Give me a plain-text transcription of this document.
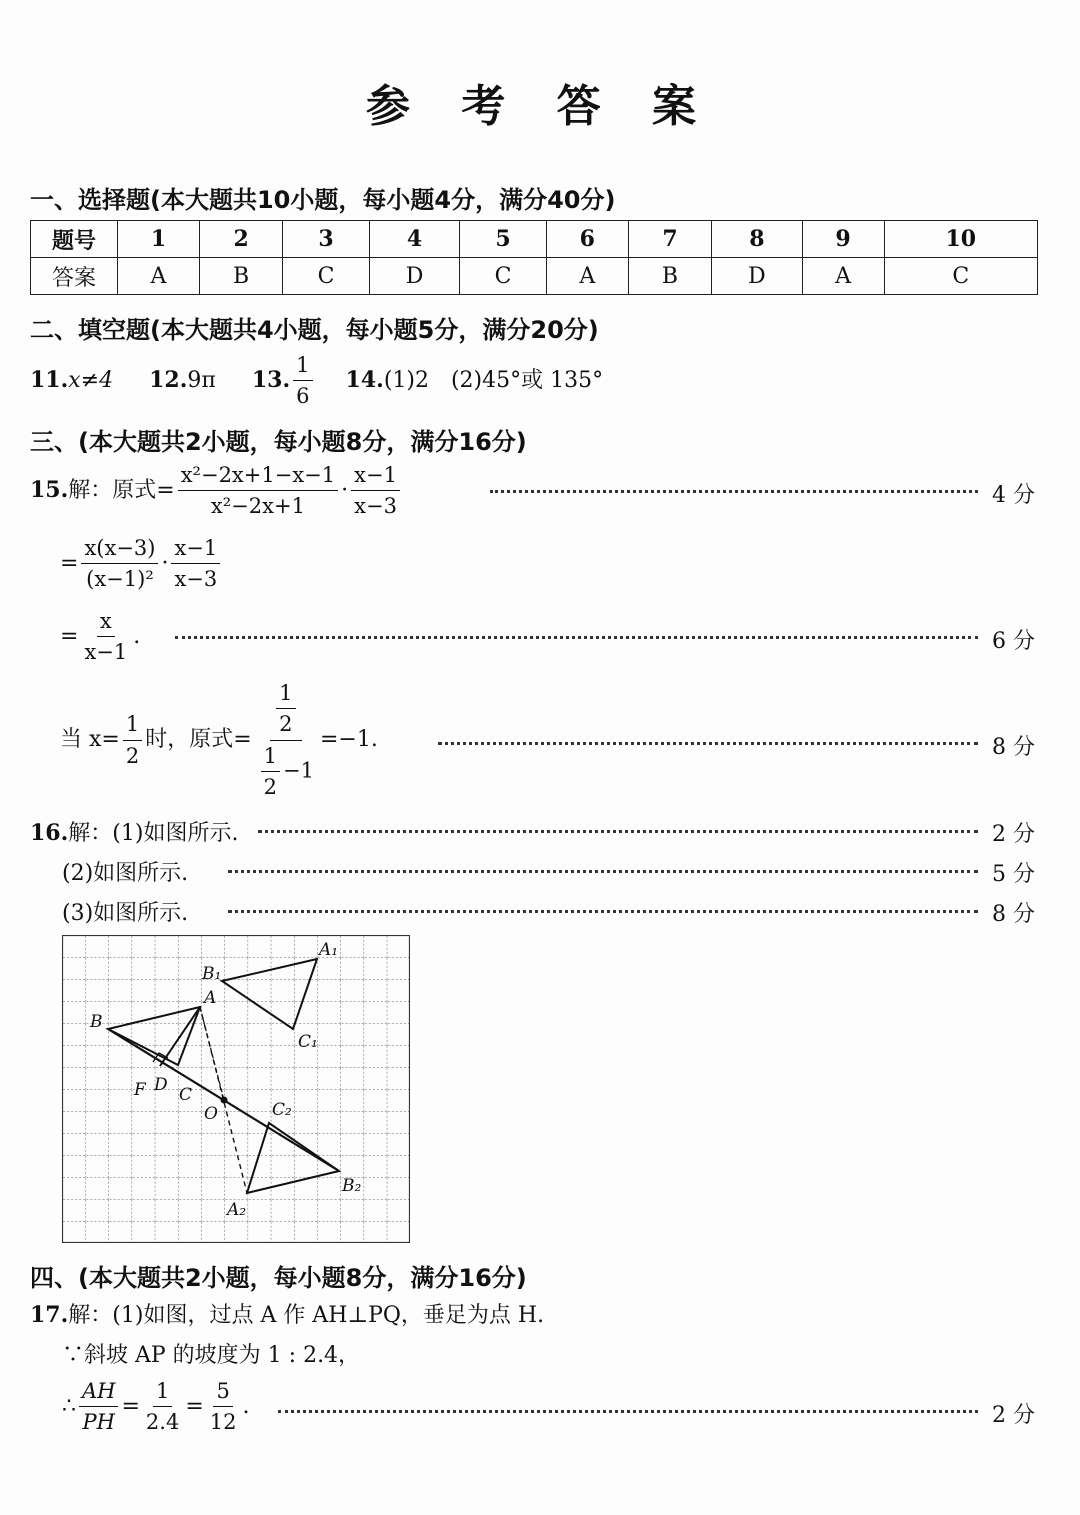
参 考 答 案
一、选择题(本大题共10小题，每小题4分，满分40分)
题号	1	2	3	4	5	6	7	8	9	10
答案	A	B	C	D	C	A	B	D	A	C
二、填空题(本大题共4小题，每小题5分，满分20分)
11.x≠4 12.9π 13. $\frac{1}{6} 14.(1)2$　(2)45°或 135°
三、(本大题共2小题，每小题8分，满分16分)
15.解：原式= $\frac{\text{x²−2x+1−x−1}}{\text{x²−2x+1}} \cdot \frac{x-1}{x-3}$	4 分
= $\frac{x(x-3)}{\text{(x−1)²}} \cdot \frac{x-1}{x-3}$
= $\frac{x}{x-1}$ .	6 分
当 $x= \frac{1}{2}$ 时，原式= $\frac{\frac{1}{2}}{\frac{1}{2} -1} =-1$.	8 分
16.解：(1)如图所示.	2 分
(2)如图所示.	5 分
(3)如图所示.	8 分
A₁
B₁
A
B
C₁
F D C
O	C₂
B₂
A₂
四、(本大题共2小题，每小题8分，满分16分)
17.解：(1)如图，过点 A 作 AH⊥PQ，垂足为点 H.
∵斜坡 AP 的坡度为 1 : 2.4，
∴ $\frac{AH}{PH} = \frac{1}{2.4} = \frac{5}{12}$ .	2 分
